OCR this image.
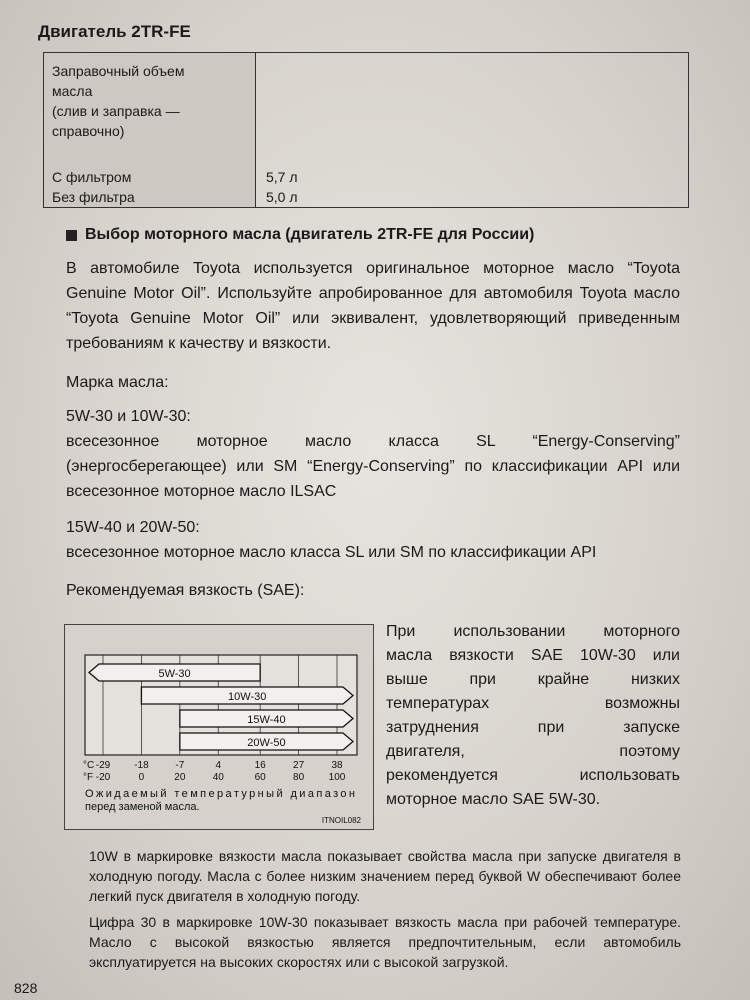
Двигатель 2TR-FE
Заправочный объем
масла
(слив и заправка —
справочно)
С фильтром
Без фильтра
5,7 л
5,0 л
Выбор моторного масла (двигатель 2TR-FE для России)
В автомобиле Toyota используется оригинальное моторное масло “Toyota Genuine Motor Oil”. Используйте апробированное для автомобиля Toyota масло “Toyota Genuine Motor Oil” или эквивалент, удовлетворяющий приведенным требованиям к качеству и вязкости.
Марка масла:
5W-30 и 10W-30:
всесезонное моторное масло класса SL “Energy-Conserving” (энергосберегающее) или SM “Energy-Conserving” по классификации API или всесезонное моторное масло ILSAC
15W-40 и 20W-50:
всесезонное моторное масло класса SL или SM по классификации API
Рекомендуемая вязкость (SAE):
5W-30
10W-30
15W-40
20W-50
°C
°F
-29
-20
-18
0
-7
20
4
40
16
60
27
80
38
100
Ожидаемый температурный диапазон
перед заменой масла.
ITNOIL082
При использовании моторного
масла вязкости SAE 10W-30 или
выше при крайне низких
температурах возможны
затруднения при запуске
двигателя, поэтому
рекомендуется использовать
моторное масло SAE 5W-30.
10W в маркировке вязкости масла показывает свойства масла при запуске двигателя в холодную погоду. Масла с более низким значением перед буквой W обеспечивают более легкий пуск двигателя в холодную погоду.
Цифра 30 в маркировке 10W-30 показывает вязкость масла при рабочей температуре. Масло с высокой вязкостью является предпочтительным, если автомобиль эксплуатируется на высоких скоростях или с высокой загрузкой.
828
